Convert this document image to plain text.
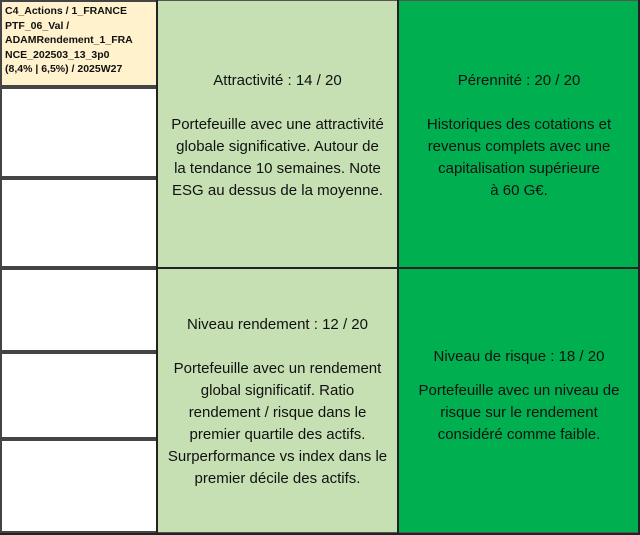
C4_Actions / 1_FRANCE
PTF_06_Val /
ADAMRendement_1_FRA
NCE_202503_13_3p0
(8,4% | 6,5%) / 2025W27
Attractivité : 14 / 20
Portefeuille avec une attractivité
globale significative. Autour de
la tendance 10 semaines. Note
ESG au dessus de la moyenne.
Pérennité : 20 / 20
Historiques des cotations et
revenus complets avec une
capitalisation supérieure
à 60 G€.
Niveau rendement : 12 / 20
Portefeuille avec un rendement
global significatif. Ratio
rendement / risque dans le
premier quartile des actifs.
Surperformance vs index dans le
premier décile des actifs.
Niveau de risque : 18 / 20
Portefeuille avec un niveau de
risque sur le rendement
considéré comme faible.
